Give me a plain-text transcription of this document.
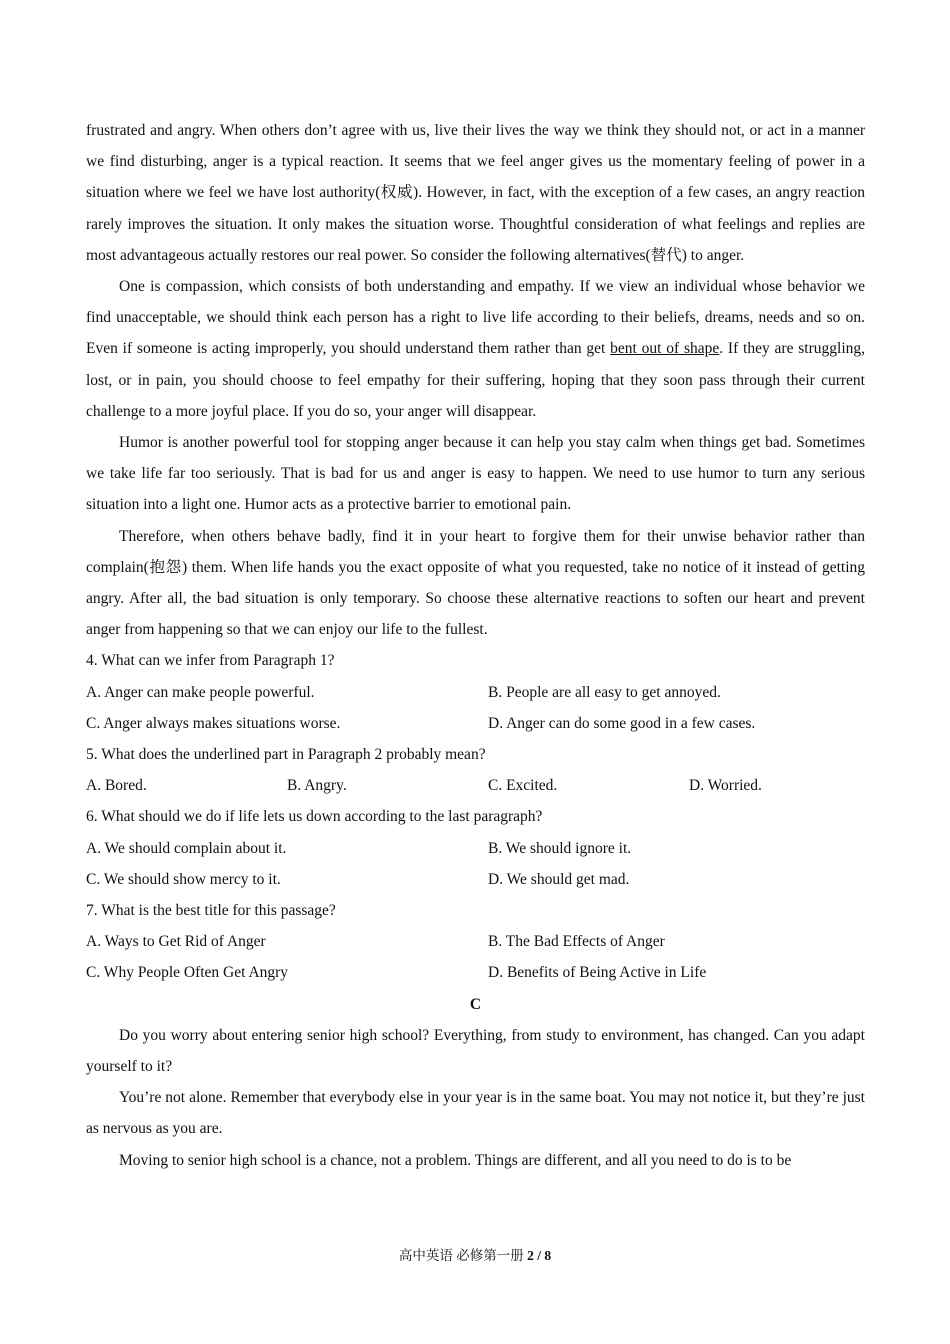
frustrated and angry. When others don’t agree with us, live their lives the way we think they should not, or act in a manner we find disturbing, anger is a typical reaction. It seems that we feel anger gives us the momentary feeling of power in a situation where we feel we have lost authority(权威). However, in fact, with the exception of a few cases, an angry reaction rarely improves the situation. It only makes the situation worse. Thoughtful consideration of what feelings and replies are most advantageous actually restores our real power. So consider the following alternatives(替代) to anger.

One is compassion, which consists of both understanding and empathy. If we view an individual whose behavior we find unacceptable, we should think each person has a right to live life according to their beliefs, dreams, needs and so on. Even if someone is acting improperly, you should understand them rather than get bent out of shape. If they are struggling, lost, or in pain, you should choose to feel empathy for their suffering, hoping that they soon pass through their current challenge to a more joyful place. If you do so, your anger will disappear.

Humor is another powerful tool for stopping anger because it can help you stay calm when things get bad. Sometimes we take life far too seriously. That is bad for us and anger is easy to happen. We need to use humor to turn any serious situation into a light one. Humor acts as a protective barrier to emotional pain.

Therefore, when others behave badly, find it in your heart to forgive them for their unwise behavior rather than complain(抱怨) them. When life hands you the exact opposite of what you requested, take no notice of it instead of getting angry. After all, the bad situation is only temporary. So choose these alternative reactions to soften our heart and prevent anger from happening so that we can enjoy our life to the fullest.

4. What can we infer from Paragraph 1?

A. Anger can make people powerful.	B. People are all easy to get annoyed.
C. Anger always makes situations worse.	D. Anger can do some good in a few cases.

5. What does the underlined part in Paragraph 2 probably mean?

A. Bored.	B. Angry.	C. Excited.	D. Worried.

6. What should we do if life lets us down according to the last paragraph?

A. We should complain about it.	B. We should ignore it.
C. We should show mercy to it.	D. We should get mad.

7. What is the best title for this passage?

A. Ways to Get Rid of Anger	B. The Bad Effects of Anger
C. Why People Often Get Angry	D. Benefits of Being Active in Life

C

Do you worry about entering senior high school? Everything, from study to environment, has changed. Can you adapt yourself to it?

You’re not alone. Remember that everybody else in your year is in the same boat. You may not notice it, but they’re just as nervous as you are.

Moving to senior high school is a chance, not a problem. Things are different, and all you need to do is to be

高中英语 必修第一册 2 / 8
